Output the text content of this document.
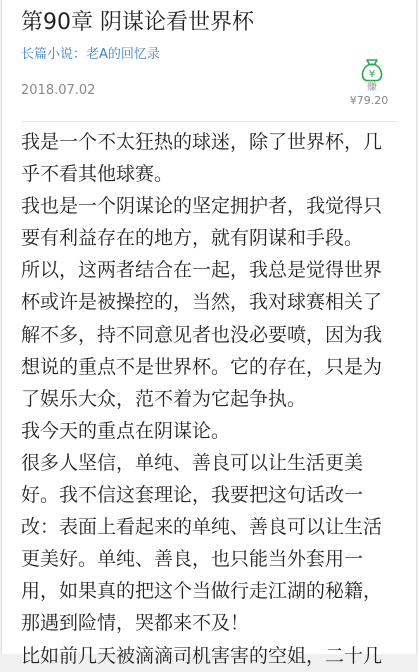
第90章 阴谋论看世界杯
长篇小说：老A的回忆录
2018.07.02
¥
赚
¥79.20

我是一个不太狂热的球迷，除了世界杯，几乎不看其他球赛。

我也是一个阴谋论的坚定拥护者，我觉得只要有利益存在的地方，就有阴谋和手段。

所以，这两者结合在一起，我总是觉得世界杯或许是被操控的，当然，我对球赛相关了解不多，持不同意见者也没必要喷，因为我想说的重点不是世界杯。它的存在，只是为了娱乐大众，范不着为它起争执。

我今天的重点在阴谋论。

很多人坚信，单纯、善良可以让生活更美好。我不信这套理论，我要把这句话改一改：表面上看起来的单纯、善良可以让生活更美好。单纯、善良，也只能当外套用一用，如果真的把这个当做行走江湖的秘籍，那遇到险情，哭都来不及！

比如前几天被滴滴司机害害的空姐，二十几
